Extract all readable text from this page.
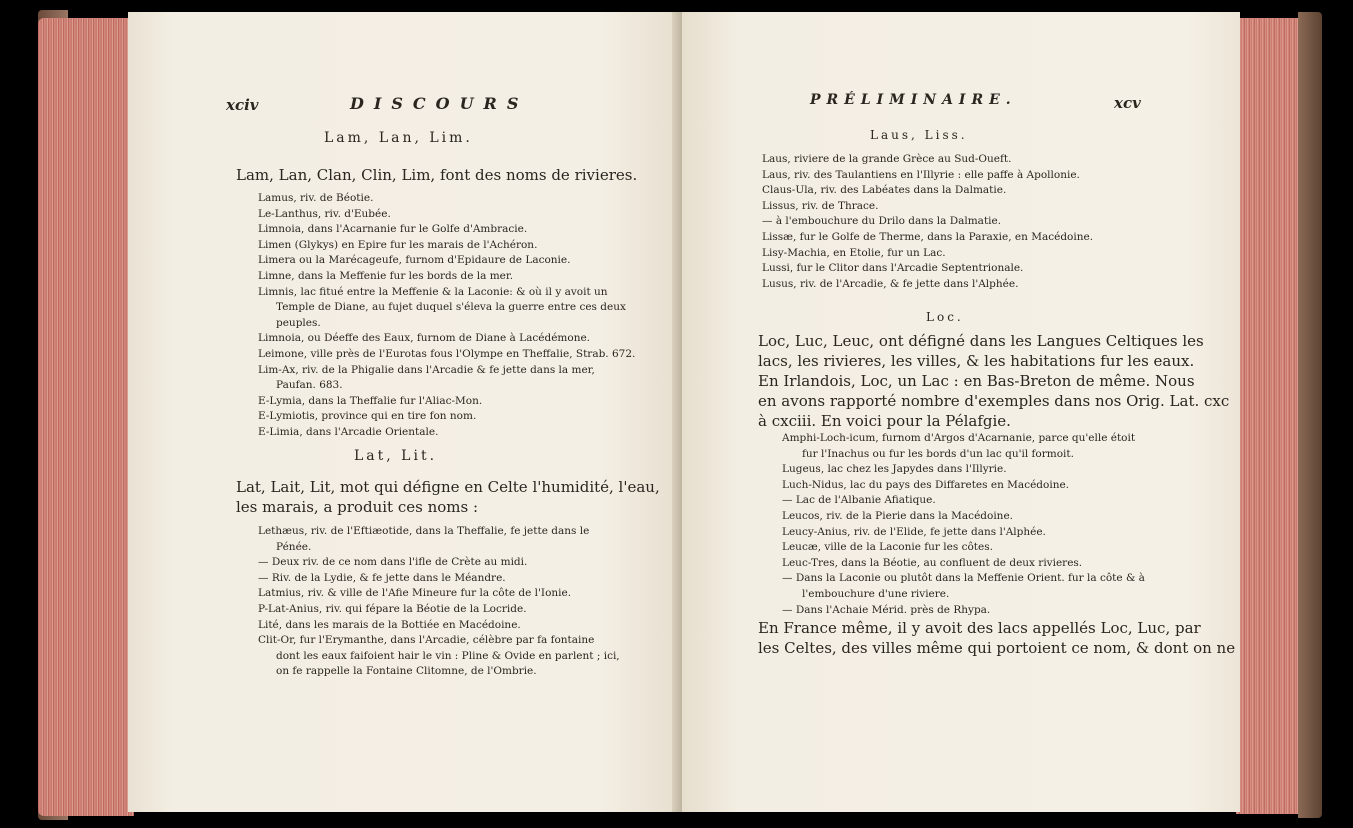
xciv	DISCOURS
Lam, Lan, Lim.
Lam, Lan, Clan, Clin, Lim, font des noms de rivieres.
Lamus, riv. de Béotie.
Le-Lanthus, riv. d'Eubée.
Limnoia, dans l'Acarnanie fur le Golfe d'Ambracie.
Limen (Glykys) en Epire fur les marais de l'Achéron.
Limera ou la Marécageufe, furnom d'Epidaure de Laconie.
Limne, dans la Meffenie fur les bords de la mer.
Limnis, lac fitué entre la Meffenie & la Laconie: & où il y avoit un
Temple de Diane, au fujet duquel s'éleva la guerre entre ces deux
peuples.
Limnoia, ou Déeffe des Eaux, furnom de Diane à Lacédémone.
Leimone, ville près de l'Eurotas fous l'Olympe en Theffalie, Strab. 672.
Lim-Ax, riv. de la Phigalie dans l'Arcadie & fe jette dans la mer,
Paufan. 683.
E-Lymia, dans la Theffalie fur l'Aliac-Mon.
E-Lymiotis, province qui en tire fon nom.
E-Limia, dans l'Arcadie Orientale.
Lat, Lit.
Lat, Lait, Lit, mot qui défigne en Celte l'humidité, l'eau,
les marais, a produit ces noms :
Lethæus, riv. de l'Eftiæotide, dans la Theffalie, fe jette dans le
Pénée.
— Deux riv. de ce nom dans l'ifle de Crète au midi.
— Riv. de la Lydie, & fe jette dans le Méandre.
Latmius, riv. & ville de l'Afie Mineure fur la côte de l'Ionie.
P-Lat-Anius, riv. qui fépare la Béotie de la Locride.
Lité, dans les marais de la Bottiée en Macédoine.
Clit-Or, fur l'Erymanthe, dans l'Arcadie, célèbre par fa fontaine
dont les eaux faifoient hair le vin : Pline & Ovide en parlent ; ici,
on fe rappelle la Fontaine Clitomne, de l'Ombrie.
PRÉLIMINAIRE.	xcv
Laus, Liss.
Laus, riviere de la grande Grèce au Sud-Oueft.
Laus, riv. des Taulantiens en l'Illyrie : elle paffe à Apollonie.
Claus-Ula, riv. des Labéates dans la Dalmatie.
Lissus, riv. de Thrace.
— à l'embouchure du Drilo dans la Dalmatie.
Lissæ, fur le Golfe de Therme, dans la Paraxie, en Macédoine.
Lisy-Machia, en Etolie, fur un Lac.
Lussi, fur le Clitor dans l'Arcadie Septentrionale.
Lusus, riv. de l'Arcadie, & fe jette dans l'Alphée.
Loc.
Loc, Luc, Leuc, ont défigné dans les Langues Celtiques les
lacs, les rivieres, les villes, & les habitations fur les eaux.
En Irlandois, Loc, un Lac : en Bas-Breton de même. Nous
en avons rapporté nombre d'exemples dans nos Orig. Lat. cxc
à cxciii. En voici pour la Pélafgie.
Amphi-Loch-icum, furnom d'Argos d'Acarnanie, parce qu'elle étoit
fur l'Inachus ou fur les bords d'un lac qu'il formoit.
Lugeus, lac chez les Japydes dans l'Illyrie.
Luch-Nidus, lac du pays des Diffaretes en Macédoine.
— Lac de l'Albanie Afiatique.
Leucos, riv. de la Pierie dans la Macédoine.
Leucy-Anius, riv. de l'Elide, fe jette dans l'Alphée.
Leucæ, ville de la Laconie fur les côtes.
Leuc-Tres, dans la Béotie, au confluent de deux rivieres.
— Dans la Laconie ou plutôt dans la Meffenie Orient. fur la côte & à
l'embouchure d'une riviere.
— Dans l'Achaie Mérid. près de Rhypa.
En France même, il y avoit des lacs appellés Loc, Luc, par
les Celtes, des villes même qui portoient ce nom, & dont on ne
